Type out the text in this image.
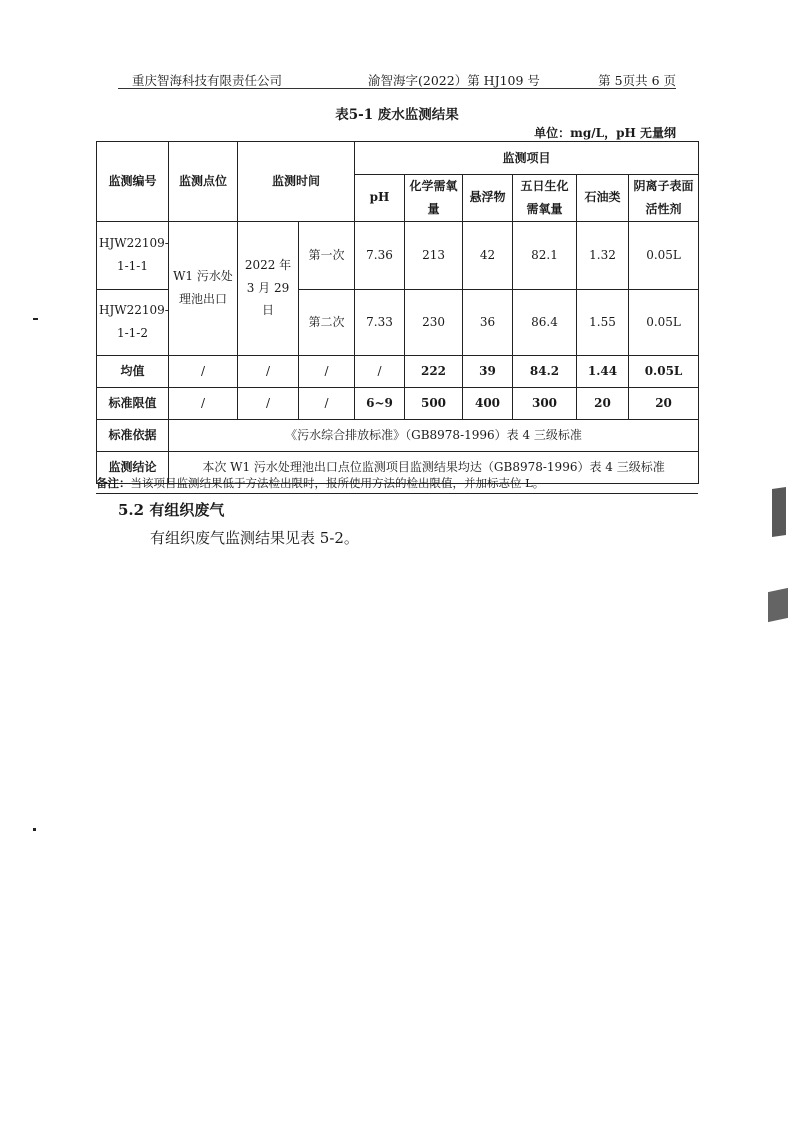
重庆智海科技有限责任公司	渝智海字(2022）第 HJ109 号	第 5页共 6 页
表5-1 废水监测结果
单位：mg/L，pH 无量纲
监测编号	监测点位	监测时间		监测项目					
				pH	化学需氧量	悬浮物	五日生化需氧量	石油类	阴离子表面活性剂
HJW22109-1-1-1	W1 污水处理池出口	2022 年 3 月 29 日	第一次	7.36	213	42	82.1	1.32	0.05L
HJW22109-1-1-2			第二次	7.33	230	36	86.4	1.55	0.05L
均值	/	/	/	/	222	39	84.2	1.44	0.05L
标准限值	/	/	/	6~9	500	400	300	20	20
标准依据	《污水综合排放标准》（GB8978-1996）表 4 三级标准								
监测结论	本次 W1 污水处理池出口点位监测项目监测结果均达（GB8978-1996）表 4 三级标准								
备注：当该项目监测结果低于方法检出限时，报所使用方法的检出限值，并加标志位 L。
5.2 有组织废气
有组织废气监测结果见表 5-2。
